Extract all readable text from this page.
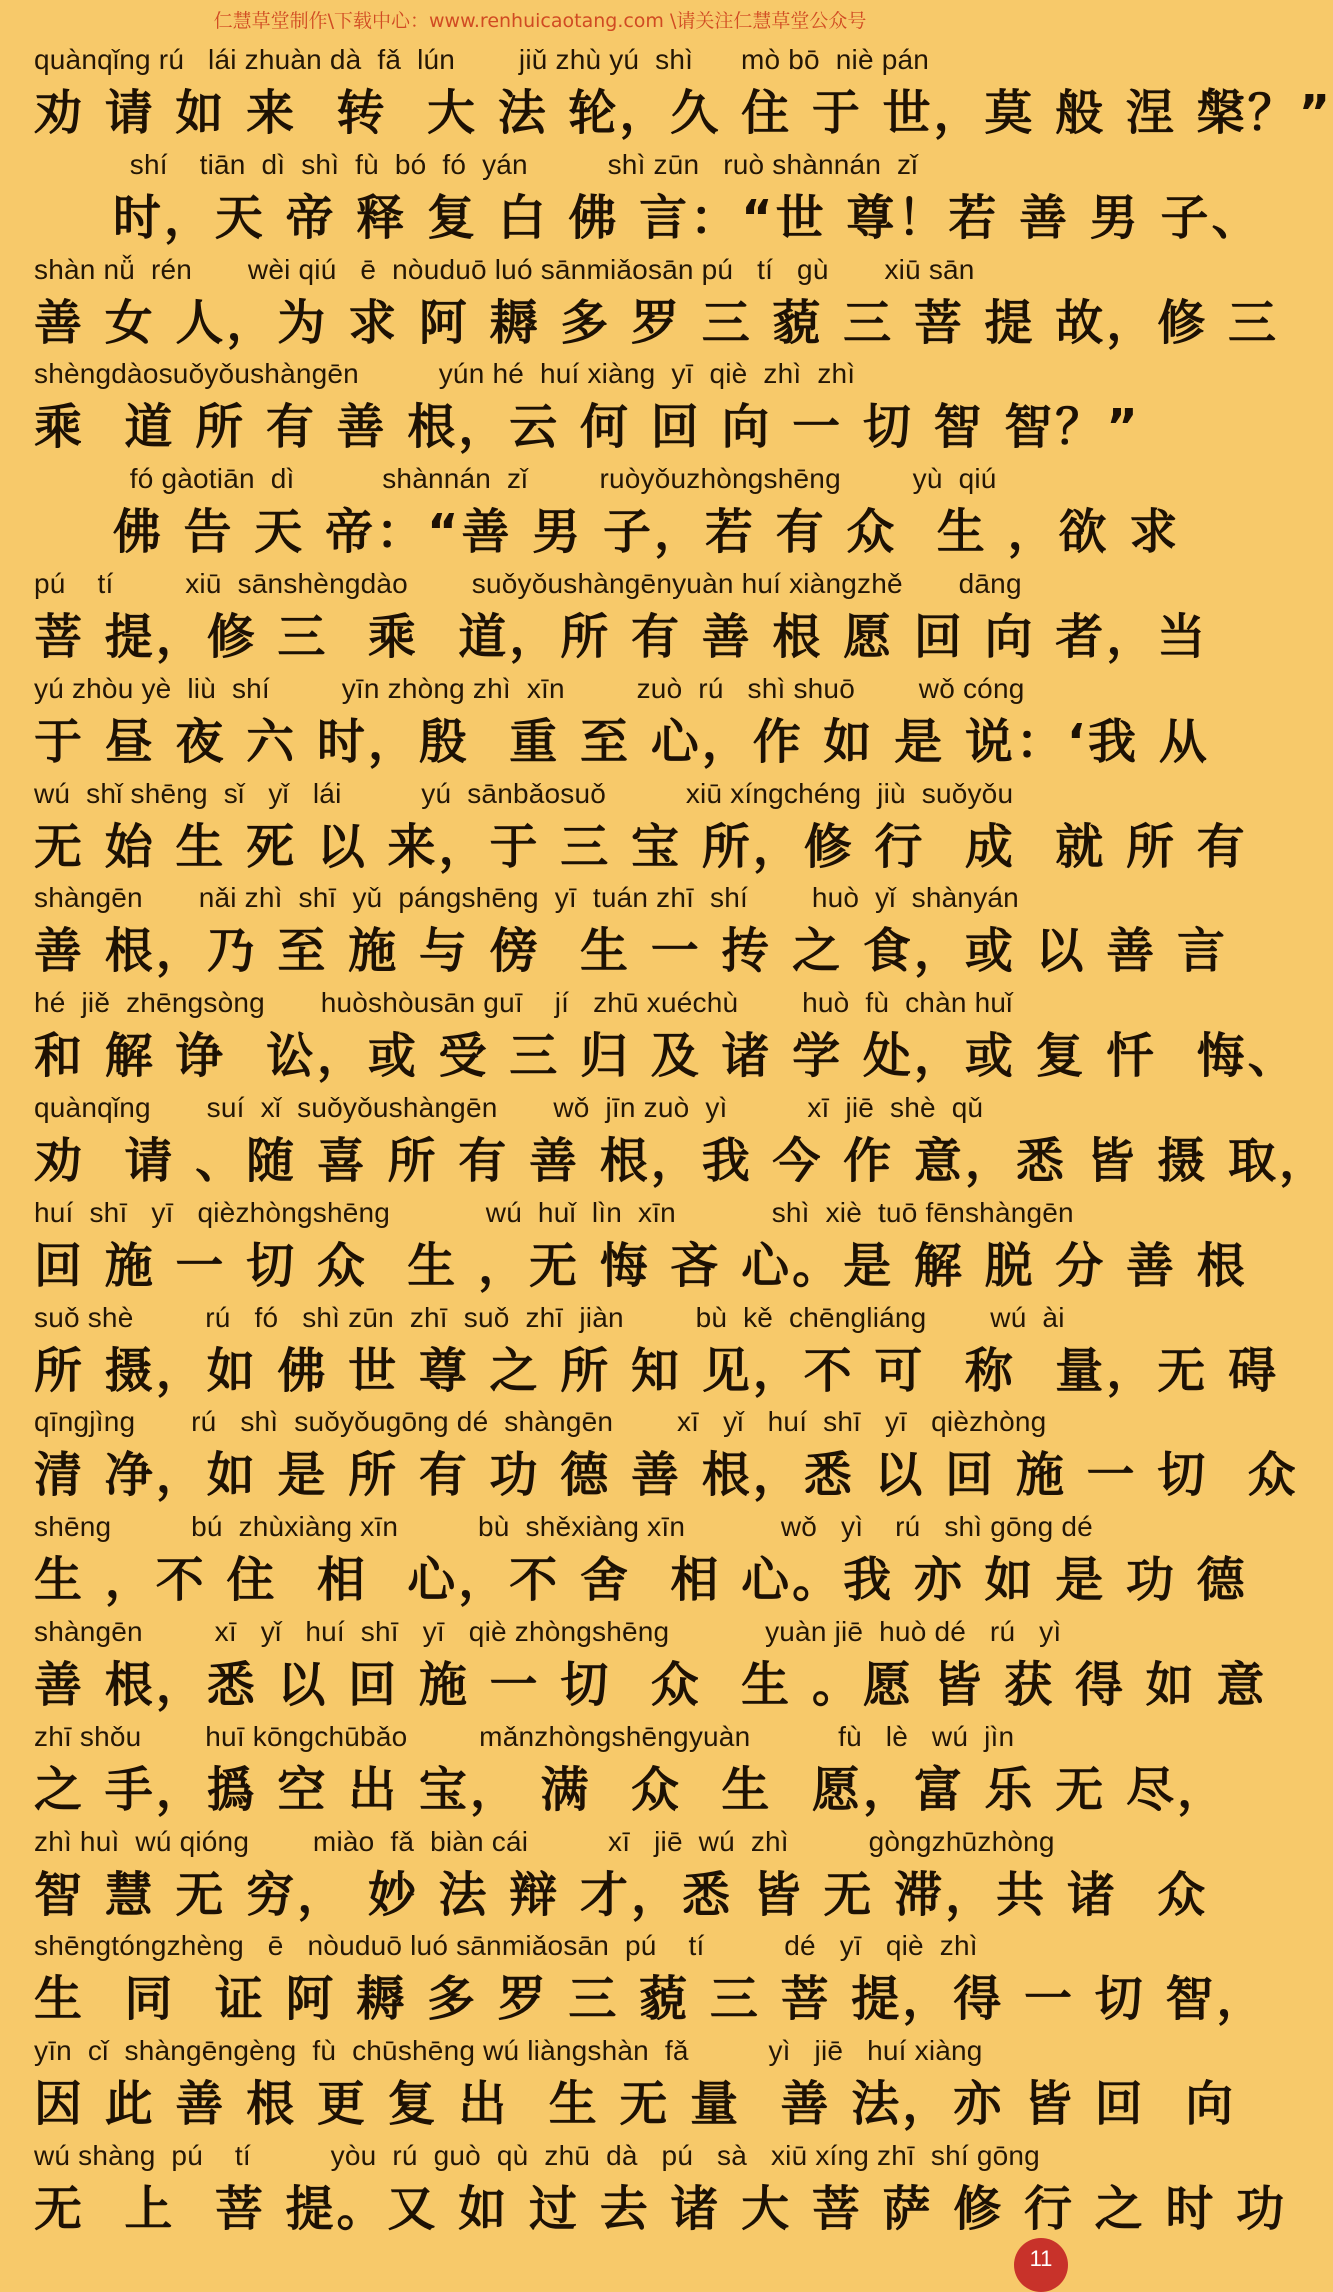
仁慧草堂制作\下载中心：www.renhuicaotang.com \请关注仁慧草堂公众号
quànqǐng rú   lái zhuàn dà  fǎ  lún        jiǔ zhù yú  shì      mò bō  niè pán
劝 请 如 来  转  大 法 轮，久 住 于 世，莫 般 涅 槃？”
shí    tiān  dì  shì  fù  bó  fó  yán          shì zūn   ruò shànnán  zǐ
时，天 帝 释 复 白 佛 言：“世 尊！若 善 男 子、
shàn nǚ  rén       wèi qiú   ē  nòuduō luó sānmiǎosān pú   tí   gù       xiū sān
善 女 人，为 求 阿 耨 多 罗 三 藐 三 菩 提 故，修 三
shèngdàosuǒyǒushàngēn          yún hé  huí xiàng  yī  qiè  zhì  zhì
乘  道 所 有 善 根，云 何 回 向 一 切 智 智？”
fó gàotiān  dì           shànnán  zǐ         ruòyǒuzhòngshēng         yù  qiú
佛 告 天 帝：“善 男 子，若 有 众  生 ，欲 求
pú    tí         xiū  sānshèngdào        suǒyǒushàngēnyuàn huí xiàngzhě       dāng
菩 提，修 三  乘  道，所 有 善 根 愿 回 向 者，当
yú zhòu yè  liù  shí         yīn zhòng zhì  xīn         zuò  rú   shì shuō        wǒ cóng
于 昼 夜 六 时，殷  重 至 心，作 如 是 说：‘我 从
wú  shǐ shēng  sǐ   yǐ   lái          yú  sānbǎosuǒ          xiū xíngchéng  jiù  suǒyǒu
无 始 生 死 以 来，于 三 宝 所，修 行  成  就 所 有
shàngēn       nǎi zhì  shī  yǔ  pángshēng  yī  tuán zhī  shí        huò  yǐ  shànyán
善 根，乃 至 施 与 傍  生 一 抟 之 食，或 以 善 言
hé  jiě  zhēngsòng       huòshòusān guī    jí   zhū xuéchù        huò  fù  chàn huǐ
和 解 诤  讼，或 受 三 归 及 诸 学 处，或 复 忏  悔、
quànqǐng       suí  xǐ  suǒyǒushàngēn       wǒ  jīn zuò  yì          xī  jiē  shè  qǔ
劝  请 、随 喜 所 有 善 根，我 今 作 意，悉 皆 摄 取，
huí  shī   yī   qièzhòngshēng            wú  huǐ  lìn  xīn            shì  xiè  tuō fēnshàngēn
回 施 一 切 众  生 ，无 悔 吝 心。是 解 脱 分 善 根
suǒ shè         rú   fó   shì zūn  zhī  suǒ  zhī  jiàn         bù  kě  chēngliáng        wú  ài
所 摄，如 佛 世 尊 之 所 知 见，不 可  称  量，无 碍
qīngjìng       rú   shì  suǒyǒugōng dé  shàngēn        xī   yǐ   huí  shī   yī   qièzhòng
清 净，如 是 所 有 功 德 善 根，悉 以 回 施 一 切  众
shēng          bú  zhùxiàng xīn          bù  shěxiàng xīn            wǒ   yì    rú   shì gōng dé
生 ，不 住  相  心，不 舍  相 心。我 亦 如 是 功 德
shàngēn         xī   yǐ   huí  shī   yī   qiè zhòngshēng            yuàn jiē  huò dé   rú   yì
善 根，悉 以 回 施 一 切  众  生 。愿 皆 获 得 如 意
zhī shǒu        huī kōngchūbǎo         mǎnzhòngshēngyuàn           fù   lè   wú  jìn
之 手，撝 空 出 宝， 满  众  生  愿，富 乐 无 尽，
zhì huì  wú qióng        miào  fǎ  biàn cái          xī   jiē  wú  zhì          gòngzhūzhòng
智 慧 无 穷， 妙 法 辩 才，悉 皆 无 滞，共 诸  众
shēngtóngzhèng   ē   nòuduō luó sānmiǎosān  pú    tí          dé   yī   qiè  zhì
生  同  证 阿 耨 多 罗 三 藐 三 菩 提，得 一 切 智，
yīn  cǐ  shàngēngèng  fù  chūshēng wú liàngshàn  fǎ          yì   jiē   huí xiàng
因 此 善 根 更 复 出  生 无 量  善 法，亦 皆 回  向
wú shàng  pú    tí          yòu  rú  guò  qù  zhū  dà   pú   sà   xiū xíng zhī  shí gōng
无  上  菩 提。又 如 过 去 诸 大 菩 萨 修 行 之 时 功
11
